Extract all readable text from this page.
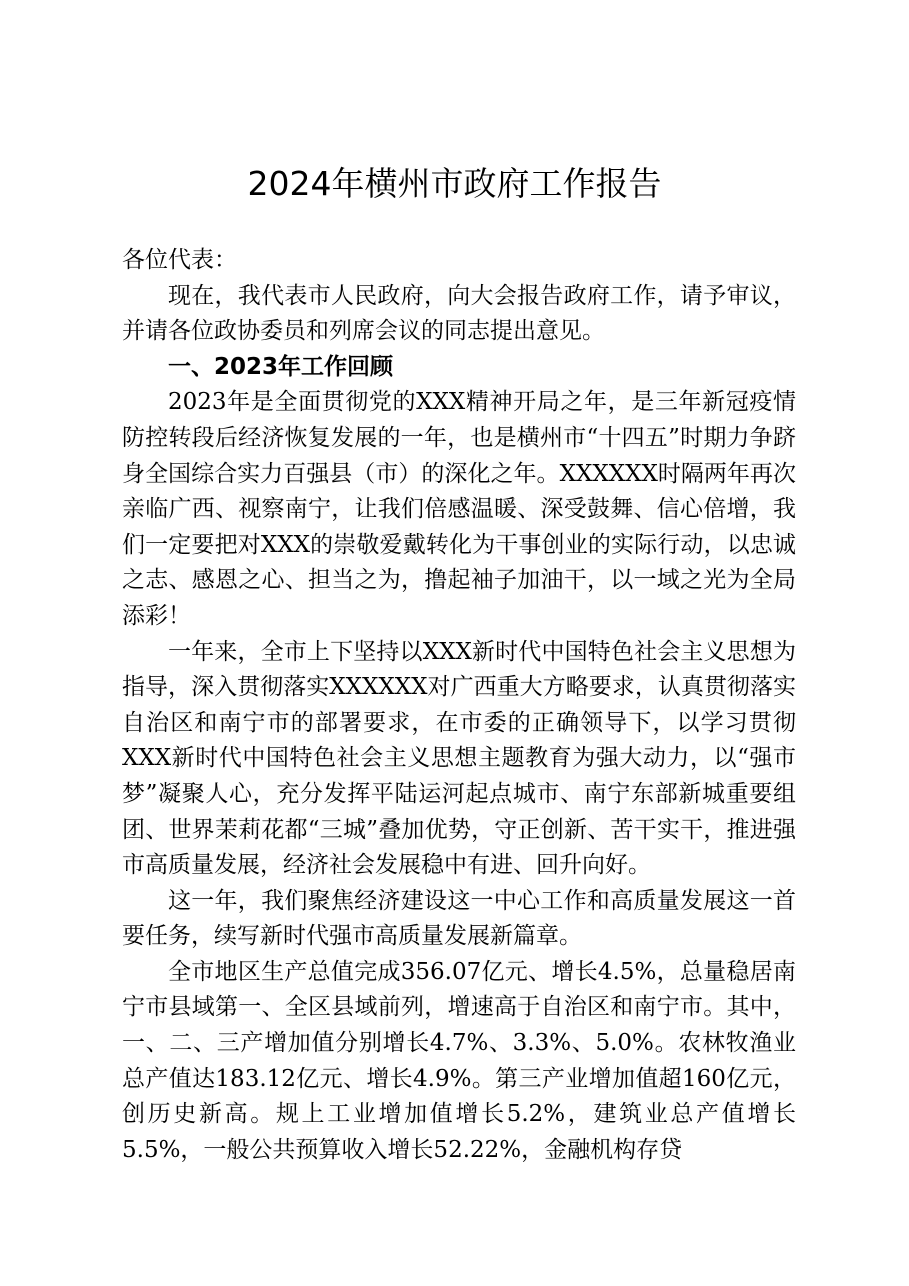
2024年横州市政府工作报告

各位代表：

现在，我代表市人民政府，向大会报告政府工作，请予审议，并请各位政协委员和列席会议的同志提出意见。

一、2023年工作回顾

2023年是全面贯彻党的XXX精神开局之年，是三年新冠疫情防控转段后经济恢复发展的一年，也是横州市“十四五”时期力争跻身全国综合实力百强县（市）的深化之年。XXXXXX时隔两年再次亲临广西、视察南宁，让我们倍感温暖、深受鼓舞、信心倍增，我们一定要把对XXX的崇敬爱戴转化为干事创业的实际行动，以忠诚之志、感恩之心、担当之为，撸起袖子加油干，以一域之光为全局添彩！

一年来，全市上下坚持以XXX新时代中国特色社会主义思想为指导，深入贯彻落实XXXXXX对广西重大方略要求，认真贯彻落实自治区和南宁市的部署要求，在市委的正确领导下，以学习贯彻XXX新时代中国特色社会主义思想主题教育为强大动力，以“强市梦”凝聚人心，充分发挥平陆运河起点城市、南宁东部新城重要组团、世界茉莉花都“三城”叠加优势，守正创新、苦干实干，推进强市高质量发展，经济社会发展稳中有进、回升向好。

这一年，我们聚焦经济建设这一中心工作和高质量发展这一首要任务，续写新时代强市高质量发展新篇章。

全市地区生产总值完成356.07亿元、增长4.5%，总量稳居南宁市县域第一、全区县域前列，增速高于自治区和南宁市。其中，一、二、三产增加值分别增长4.7%、3.3%、5.0%。农林牧渔业总产值达183.12亿元、增长4.9%。第三产业增加值超160亿元，创历史新高。规上工业增加值增长5.2%，建筑业总产值增长5.5%，一般公共预算收入增长52.22%，金融机构存贷
